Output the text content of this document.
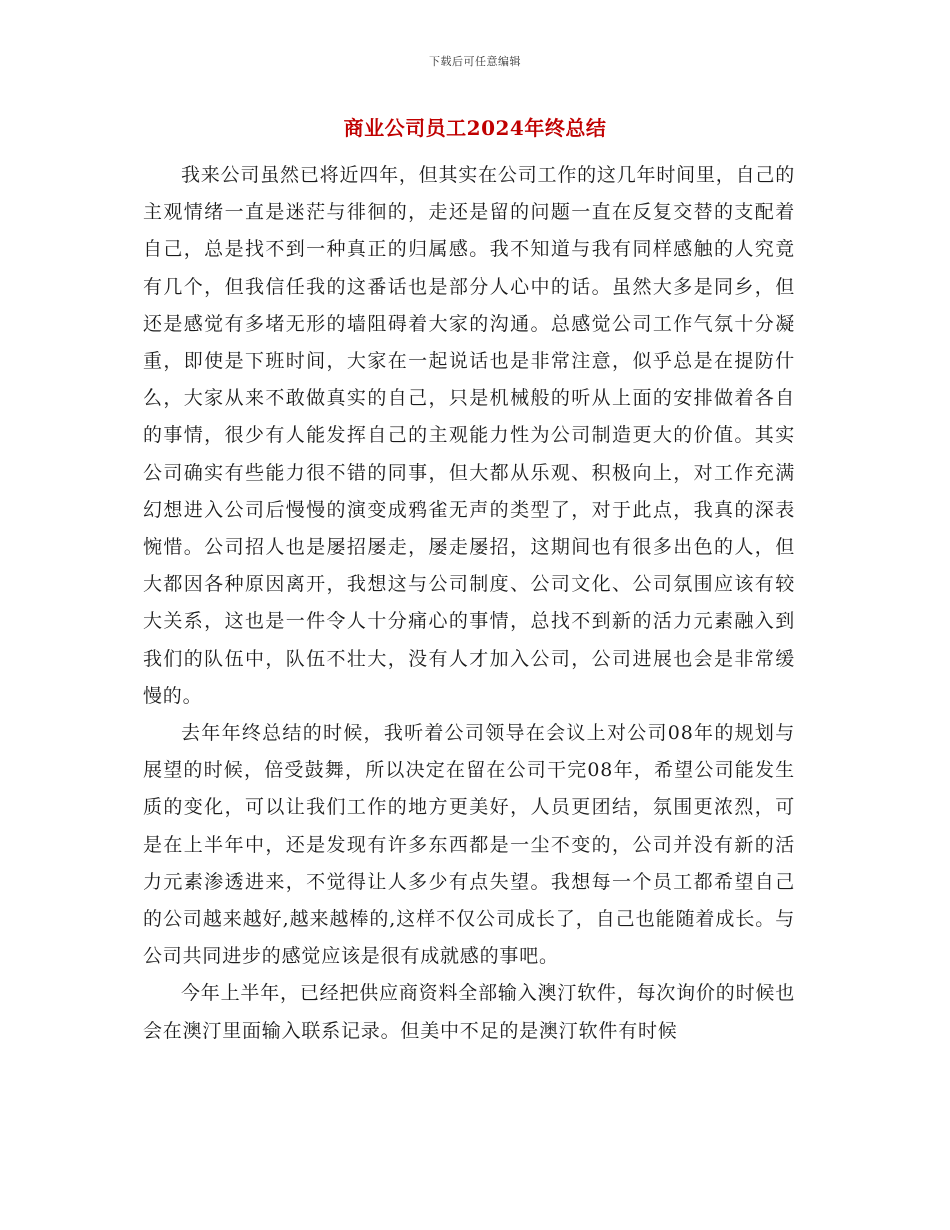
下载后可任意编辑
商业公司员工2024年终总结

我来公司虽然已将近四年，但其实在公司工作的这几年时间里，自己的主观情绪一直是迷茫与徘徊的，走还是留的问题一直在反复交替的支配着自己，总是找不到一种真正的归属感。我不知道与我有同样感触的人究竟有几个，但我信任我的这番话也是部分人心中的话。虽然大多是同乡，但还是感觉有多堵无形的墙阻碍着大家的沟通。总感觉公司工作气氛十分凝重，即使是下班时间，大家在一起说话也是非常注意，似乎总是在提防什么，大家从来不敢做真实的自己，只是机械般的听从上面的安排做着各自的事情，很少有人能发挥自己的主观能力性为公司制造更大的价值。其实公司确实有些能力很不错的同事，但大都从乐观、积极向上，对工作充满幻想进入公司后慢慢的演变成鸦雀无声的类型了，对于此点，我真的深表惋惜。公司招人也是屡招屡走，屡走屡招，这期间也有很多出色的人，但大都因各种原因离开，我想这与公司制度、公司文化、公司氛围应该有较大关系，这也是一件令人十分痛心的事情，总找不到新的活力元素融入到我们的队伍中，队伍不壮大，没有人才加入公司，公司进展也会是非常缓慢的。

去年年终总结的时候，我听着公司领导在会议上对公司08年的规划与展望的时候，倍受鼓舞，所以决定在留在公司干完08年，希望公司能发生质的变化，可以让我们工作的地方更美好，人员更团结，氛围更浓烈，可是在上半年中，还是发现有许多东西都是一尘不变的，公司并没有新的活力元素渗透进来，不觉得让人多少有点失望。我想每一个员工都希望自己的公司越来越好,越来越棒的,这样不仅公司成长了，自己也能随着成长。与公司共同进步的感觉应该是很有成就感的事吧。

今年上半年，已经把供应商资料全部输入澳汀软件，每次询价的时候也会在澳汀里面输入联系记录。但美中不足的是澳汀软件有时候
